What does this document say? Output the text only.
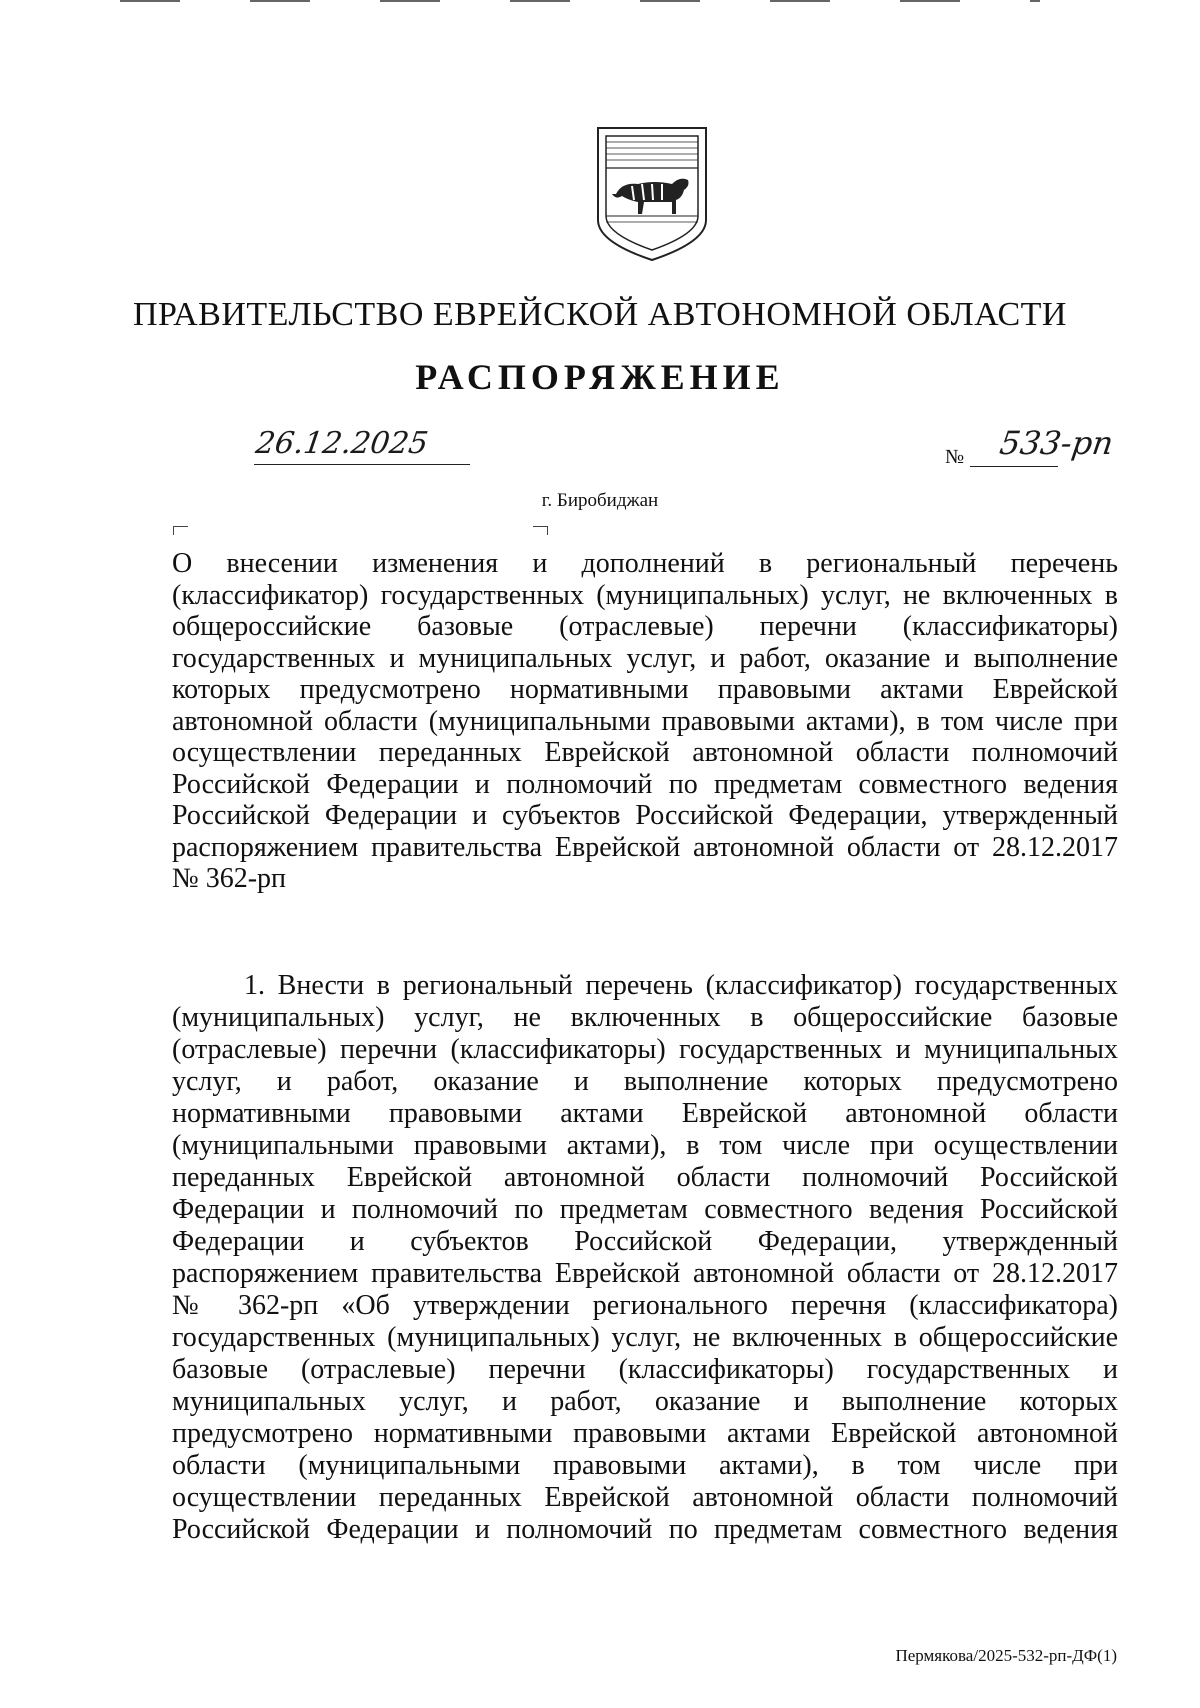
ПРАВИТЕЛЬСТВО ЕВРЕЙСКОЙ АВТОНОМНОЙ ОБЛАСТИ
РАСПОРЯЖЕНИЕ
26.12.2025	№ 533-рп
г. Биробиджан

О внесении изменения и дополнений в региональный перечень

(классификатор) государственных (муниципальных) услуг, не включенных в

общероссийские базовые (отраслевые) перечни (классификаторы)

государственных и муниципальных услуг, и работ, оказание и выполнение

которых предусмотрено нормативными правовыми актами Еврейской

автономной области (муниципальными правовыми актами), в том числе при

осуществлении переданных Еврейской автономной области полномочий

Российской Федерации и полномочий по предметам совместного ведения

Российской Федерации и субъектов Российской Федерации, утвержденный

распоряжением правительства Еврейской автономной области от 28.12.2017

№ 362-рп

1. Внести в региональный перечень (классификатор) государственных

(муниципальных) услуг, не включенных в общероссийские базовые

(отраслевые) перечни (классификаторы) государственных и муниципальных

услуг, и работ, оказание и выполнение которых предусмотрено

нормативными правовыми актами Еврейской автономной области

(муниципальными правовыми актами), в том числе при осуществлении

переданных Еврейской автономной области полномочий Российской

Федерации и полномочий по предметам совместного ведения Российской

Федерации и субъектов Российской Федерации, утвержденный

распоряжением правительства Еврейской автономной области от 28.12.2017

№ 362-рп «Об утверждении регионального перечня (классификатора)

государственных (муниципальных) услуг, не включенных в общероссийские

базовые (отраслевые) перечни (классификаторы) государственных и

муниципальных услуг, и работ, оказание и выполнение которых

предусмотрено нормативными правовыми актами Еврейской автономной

области (муниципальными правовыми актами), в том числе при

осуществлении переданных Еврейской автономной области полномочий

Российской Федерации и полномочий по предметам совместного ведения

Пермякова/2025-532-рп-ДФ(1)
